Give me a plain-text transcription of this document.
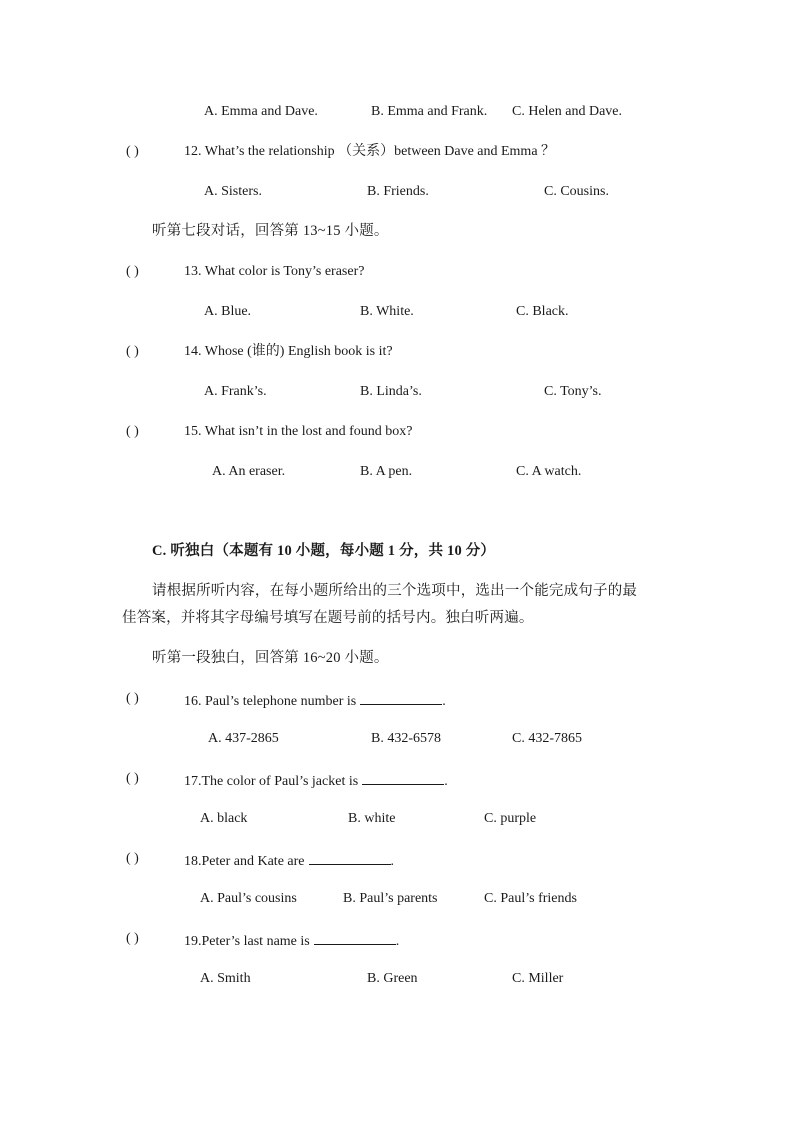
A. Emma and Dave.	B. Emma and Frank. C. Helen and Dave.
( )	12. What’s the relationship （关系）between Dave and Emma ？
A. Sisters.	B. Friends.	C. Cousins.
听第七段对话，回答第 13~15 小题。
( )	13. What color is Tony’s eraser?
A. Blue.	B. White.	C. Black.
( )	14. Whose (谁的) English book is it?
A. Frank’s.	B. Linda’s.	C. Tony’s.
( )	15. What isn’t in the lost and found box?
A. An eraser.	B. A pen.	C. A watch.
C. 听独白（本题有 10 小题，每小题 1 分，共 10 分）
请根据所听内容，在每小题所给出的三个选项中，选出一个能完成句子的最
佳答案，并将其字母编号填写在题号前的括号内。独白听两遍。
听第一段独白，回答第 16~20 小题。
( )	16. Paul’s telephone number is	.
A. 437-2865	B. 432-6578	C. 432-7865
( )	17.The color of Paul’s jacket is	.
A. black	B. white	C. purple
( )	18.Peter and Kate are	.
A. Paul’s cousins	B. Paul’s parents	C. Paul’s friends
( )	19.Peter’s last name is	.
A. Smith	B. Green	C. Miller
